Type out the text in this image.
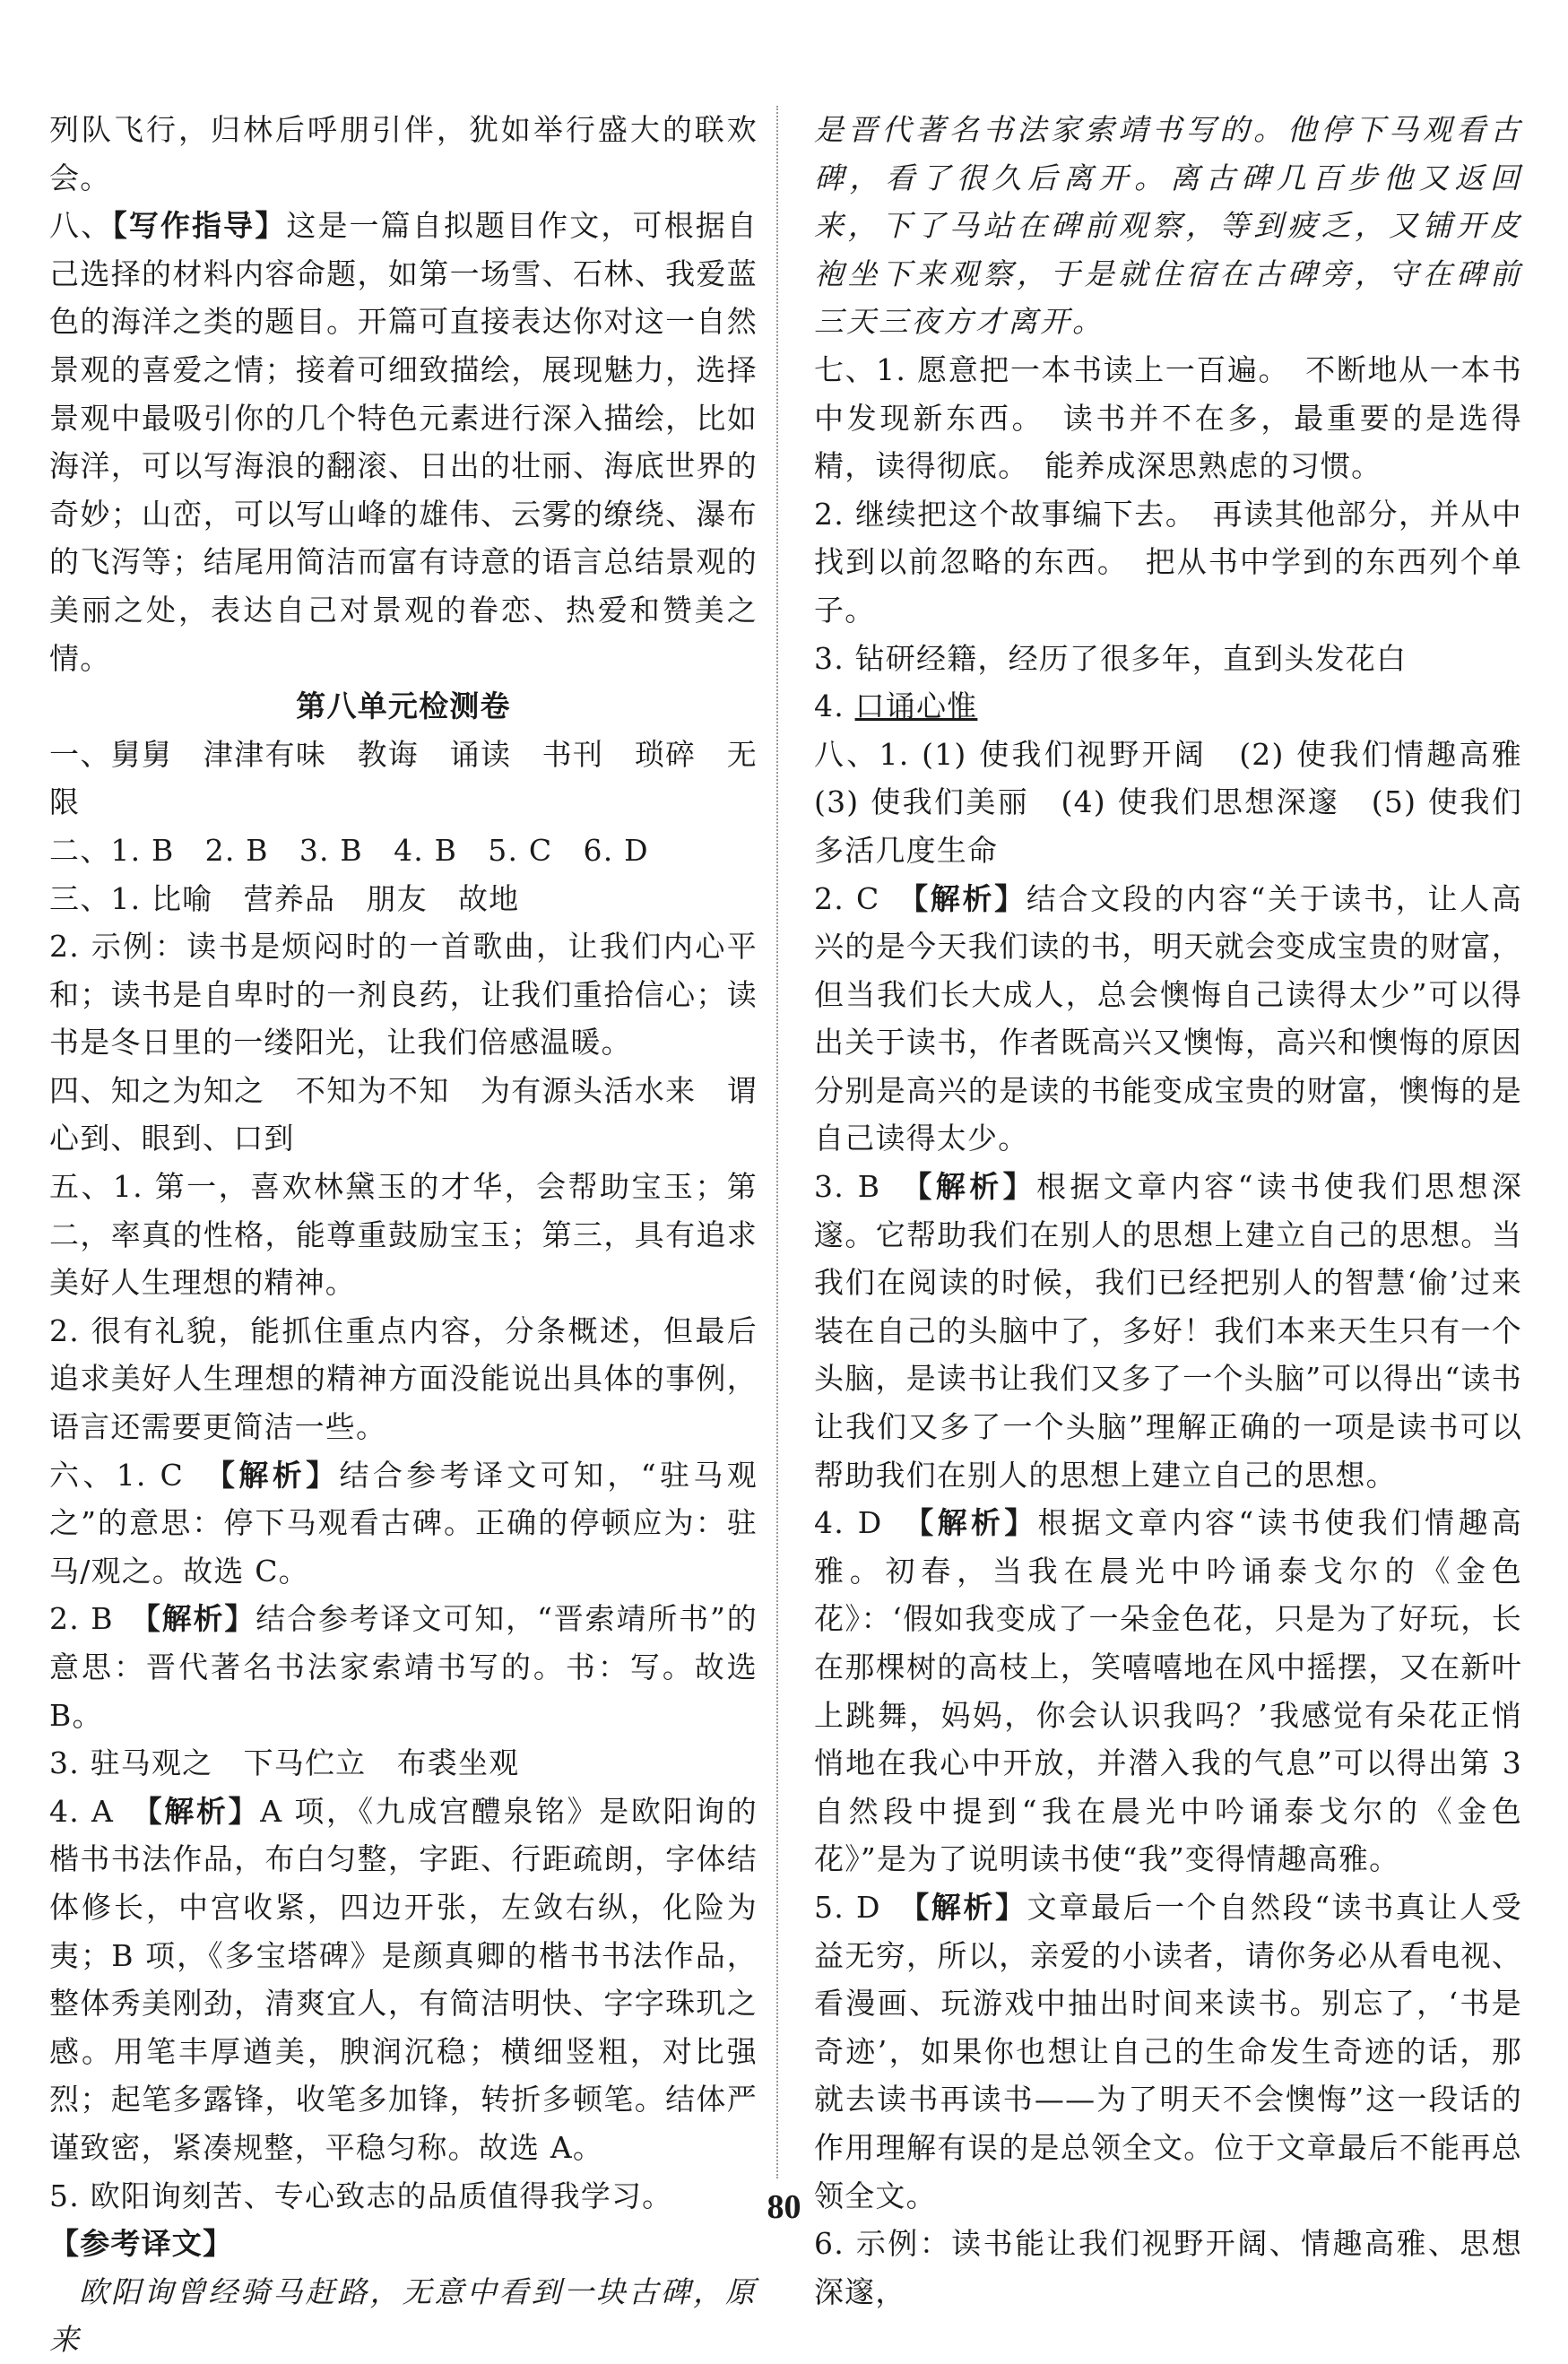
列队飞行，归林后呼朋引伴，犹如举行盛大的联欢会。

八、【写作指导】这是一篇自拟题目作文，可根据自己选择的材料内容命题，如第一场雪、石林、我爱蓝色的海洋之类的题目。开篇可直接表达你对这一自然景观的喜爱之情；接着可细致描绘，展现魅力，选择景观中最吸引你的几个特色元素进行深入描绘，比如海洋，可以写海浪的翻滚、日出的壮丽、海底世界的奇妙；山峦，可以写山峰的雄伟、云雾的缭绕、瀑布的飞泻等；结尾用简洁而富有诗意的语言总结景观的美丽之处，表达自己对景观的眷恋、热爱和赞美之情。

第八单元检测卷

一、舅舅　津津有味　教诲　诵读　书刊　琐碎　无限

二、1. B　2. B　3. B　4. B　5. C　6. D

三、1. 比喻　营养品　朋友　故地

2. 示例：读书是烦闷时的一首歌曲，让我们内心平和；读书是自卑时的一剂良药，让我们重拾信心；读书是冬日里的一缕阳光，让我们倍感温暖。

四、知之为知之　不知为不知　为有源头活水来　谓心到、眼到、口到

五、1. 第一，喜欢林黛玉的才华，会帮助宝玉；第二，率真的性格，能尊重鼓励宝玉；第三，具有追求美好人生理想的精神。

2. 很有礼貌，能抓住重点内容，分条概述，但最后追求美好人生理想的精神方面没能说出具体的事例，语言还需要更简洁一些。

六、1. C　【解析】结合参考译文可知，“驻马观之”的意思：停下马观看古碑。正确的停顿应为：驻马/观之。故选 C。

2. B　【解析】结合参考译文可知，“晋索靖所书”的意思：晋代著名书法家索靖书写的。书：写。故选 B。

3. 驻马观之　下马伫立　布裘坐观

4. A　【解析】A 项，《九成宫醴泉铭》是欧阳询的楷书书法作品，布白匀整，字距、行距疏朗，字体结体修长，中宫收紧，四边开张，左敛右纵，化险为夷；B 项，《多宝塔碑》是颜真卿的楷书书法作品，整体秀美刚劲，清爽宜人，有简洁明快、字字珠玑之感。用笔丰厚遒美，腴润沉稳；横细竖粗，对比强烈；起笔多露锋，收笔多加锋，转折多顿笔。结体严谨致密，紧凑规整，平稳匀称。故选 A。

5. 欧阳询刻苦、专心致志的品质值得我学习。

【参考译文】

欧阳询曾经骑马赶路，无意中看到一块古碑，原来

是晋代著名书法家索靖书写的。他停下马观看古碑，看了很久后离开。离古碑几百步他又返回来，下了马站在碑前观察，等到疲乏，又铺开皮袍坐下来观察，于是就住宿在古碑旁，守在碑前三天三夜方才离开。

七、1. 愿意把一本书读上一百遍。　不断地从一本书中发现新东西。　读书并不在多，最重要的是选得精，读得彻底。　能养成深思熟虑的习惯。

2. 继续把这个故事编下去。　再读其他部分，并从中找到以前忽略的东西。　把从书中学到的东西列个单子。

3. 钻研经籍，经历了很多年，直到头发花白

4. 口诵心惟

八、1. (1) 使我们视野开阔　(2) 使我们情趣高雅　(3) 使我们美丽　(4) 使我们思想深邃　(5) 使我们多活几度生命

2. C　【解析】结合文段的内容“关于读书，让人高兴的是今天我们读的书，明天就会变成宝贵的财富，但当我们长大成人，总会懊悔自己读得太少”可以得出关于读书，作者既高兴又懊悔，高兴和懊悔的原因分别是高兴的是读的书能变成宝贵的财富，懊悔的是自己读得太少。

3. B　【解析】根据文章内容“读书使我们思想深邃。它帮助我们在别人的思想上建立自己的思想。当我们在阅读的时候，我们已经把别人的智慧‘偷’过来装在自己的头脑中了，多好！我们本来天生只有一个头脑，是读书让我们又多了一个头脑”可以得出“读书让我们又多了一个头脑”理解正确的一项是读书可以帮助我们在别人的思想上建立自己的思想。

4. D　【解析】根据文章内容“读书使我们情趣高雅。初春，当我在晨光中吟诵泰戈尔的《金色花》：‘假如我变成了一朵金色花，只是为了好玩，长在那棵树的高枝上，笑嘻嘻地在风中摇摆，又在新叶上跳舞，妈妈，你会认识我吗？’我感觉有朵花正悄悄地在我心中开放，并潜入我的气息”可以得出第 3 自然段中提到“我在晨光中吟诵泰戈尔的《金色花》”是为了说明读书使“我”变得情趣高雅。

5. D　【解析】文章最后一个自然段“读书真让人受益无穷，所以，亲爱的小读者，请你务必从看电视、看漫画、玩游戏中抽出时间来读书。别忘了，‘书是奇迹’，如果你也想让自己的生命发生奇迹的话，那就去读书再读书——为了明天不会懊悔”这一段话的作用理解有误的是总领全文。位于文章最后不能再总领全文。

6. 示例：读书能让我们视野开阔、情趣高雅、思想深邃，

80
